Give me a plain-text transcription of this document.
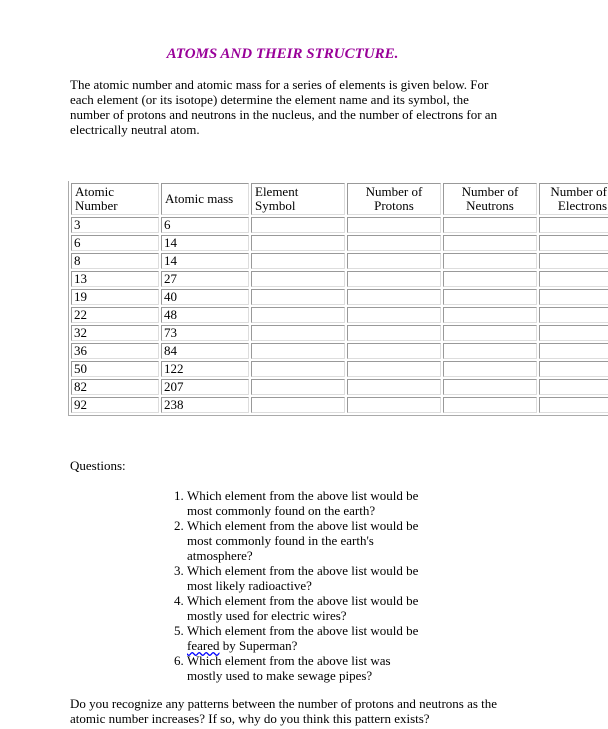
ATOMS AND THEIR STRUCTURE.
The atomic number and atomic mass for a series of elements is given below. For each element (or its isotope) determine the element name and its symbol, the number of protons and neutrons in the nucleus, and the number of electrons for an electrically neutral atom.
Atomic Number	Atomic mass	Element Symbol	Number of Protons	Number of Neutrons	Number of Electrons
3	6				
6	14				
8	14				
13	27				
19	40				
22	48				
32	73				
36	84				
50	122				
82	207				
92	238				
Questions:
1. Which element from the above list would be most commonly found on the earth?
2. Which element from the above list would be most commonly found in the earth's atmosphere?
3. Which element from the above list would be most likely radioactive?
4. Which element from the above list would be mostly used for electric wires?
5. Which element from the above list would be feared by Superman?
6. Which element from the above list was mostly used to make sewage pipes?
Do you recognize any patterns between the number of protons and neutrons as the atomic number increases? If so, why do you think this pattern exists?
